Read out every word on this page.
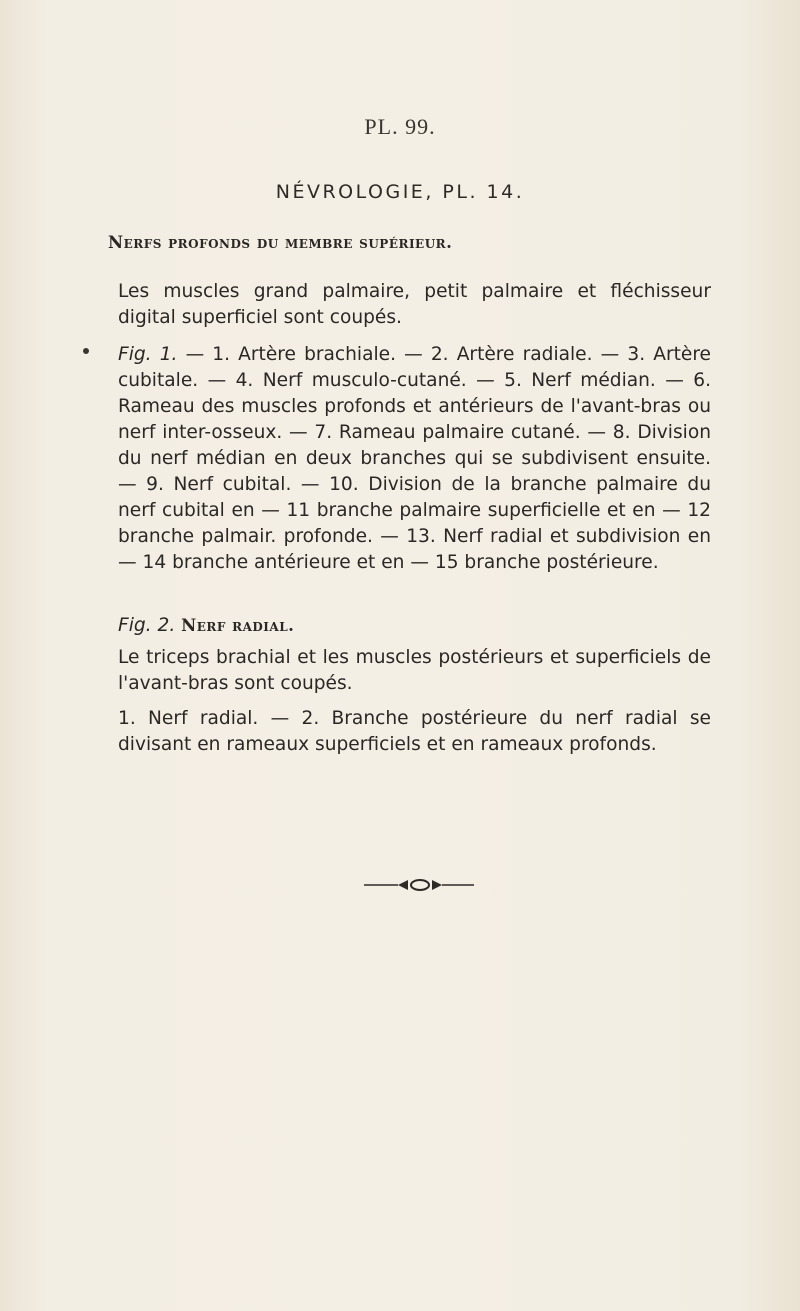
PL. 99.
NÉVROLOGIE, PL. 14.
Nerfs profonds du membre supérieur.
Les muscles grand palmaire, petit palmaire et fléchisseur digital superficiel sont coupés.
Fig. 1. — 1. Artère brachiale. — 2. Artère radiale. — 3. Artère cubitale. — 4. Nerf musculo-cutané. — 5. Nerf médian. — 6. Rameau des muscles profonds et antérieurs de l'avant-bras ou nerf inter-osseux. — 7. Rameau palmaire cutané. — 8. Division du nerf médian en deux branches qui se subdivisent ensuite. — 9. Nerf cubital. — 10. Division de la branche palmaire du nerf cubital en — 11 branche palmaire superficielle et en — 12 branche palmair. profonde. — 13. Nerf radial et subdivision en — 14 branche antérieure et en — 15 branche postérieure.
Fig. 2. Nerf radial.
Le triceps brachial et les muscles postérieurs et superficiels de l'avant-bras sont coupés.
1. Nerf radial. — 2. Branche postérieure du nerf radial se divisant en rameaux superficiels et en rameaux profonds.
